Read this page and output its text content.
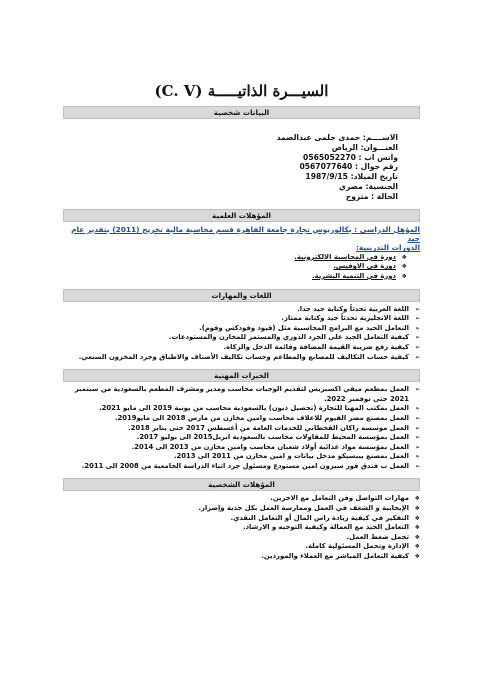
السيـــرة الذاتيـــــة (C. V)
البيانات شخصية

الاســــم: حمدى حلمى عبدالصمد

العنـــوان: الرياض

واتس اب : 0565052270

رقم جوال : 0567077640

تاريخ الميلاد: 1987/9/15

الجنسية: مصري

الحالة : متزوج

المؤهلات العلمية
المؤهل الدراسي : بكالوريوس تجارة جامعة القاهرة قسم محاسبة مالية تخريج (2011) بتقدير عام جيد
الدورات التدريبية:
❖ دورة في المحاسبة الالكترونية.
❖ دورة في الاوفيس.
❖ دورة في التنمية البشرية.
اللغات والمهارات
➢ اللغة العربية تحدثاً وكتابة جيد جدا.
➢ اللغة الانجليزية تحدثاً جيد وكتابة ممتاز.
➢ التعامل الجيد مع البرامج المحاسبية مثل (قيود وفودكس وقوم).
➢ كيفية التعامل الجيد على الجرد الدوري والمستمر للمخازن والمستودعات.
➢ كيفية رفع ضريبة القيمة المضافة وقائمة الدخل والزكاة.
➢ كيفية حساب التكاليف للمصانع والمطاعم وحساب تكاليف الأصناف والاطباق وجرد المخزون السنعي.
الخبرات المهنية
➢ العمل بمطعم ميقي اكسبريس لتقديم الوجبات محاسب ومدير ومشرف المطعم بالسعودية من سبتمبر 2021 حتى نوفمبر 2022.
➢ العمل بمكتب المهنا للتجارة (تحصيل ديون) بالسعودية محاسب من يونية 2019 الى مايو 2021.
➢ العمل بمصنع مصر الفيوم للاعلاف محاسب وامين مخازن من مارس 2018 الى مايو2019.
➢ العمل موسسه راكان القحطاني للخدمات العامة من أغسطس 2017 حتى يناير 2018.
➢ العمل بمؤسسة المحيط للمقاولات محاسب بالسعودية ابريل2015 الى يوليو 2017.
➢ العمل بمؤسسة مواد غذائية أولاد شعبان محاسب وامين مخازن من 2013 الى 2014.
➢ العمل بمصنع بيبسيكو مدخل بيانات و امين مخازن من 2011 الى 2013.
➢ العمل ب فندق فور سيزون امين مستودع ومسئول جرد اثناء الدراسة الجامعية من 2008 الى 2011.
المؤهلات الشخصية
❖ مهارات التواصل وفن التعامل مع الاخرين.
❖ الإيجابية و الشغف في العمل وممارسة العمل بكل جدية وإصرار.
❖ التفكير في كيفية زيادة راس المال أو التعامل النقدي.
❖ التعامل الجيد مع العمالة وكيفية التوجيه و الارشاد.
❖ تحمل ضغط العمل.
❖ الإدارة وتحمل المسئولية كاملة.
❖ كيفية التعامل المباشر مع العملاء والموردين.
